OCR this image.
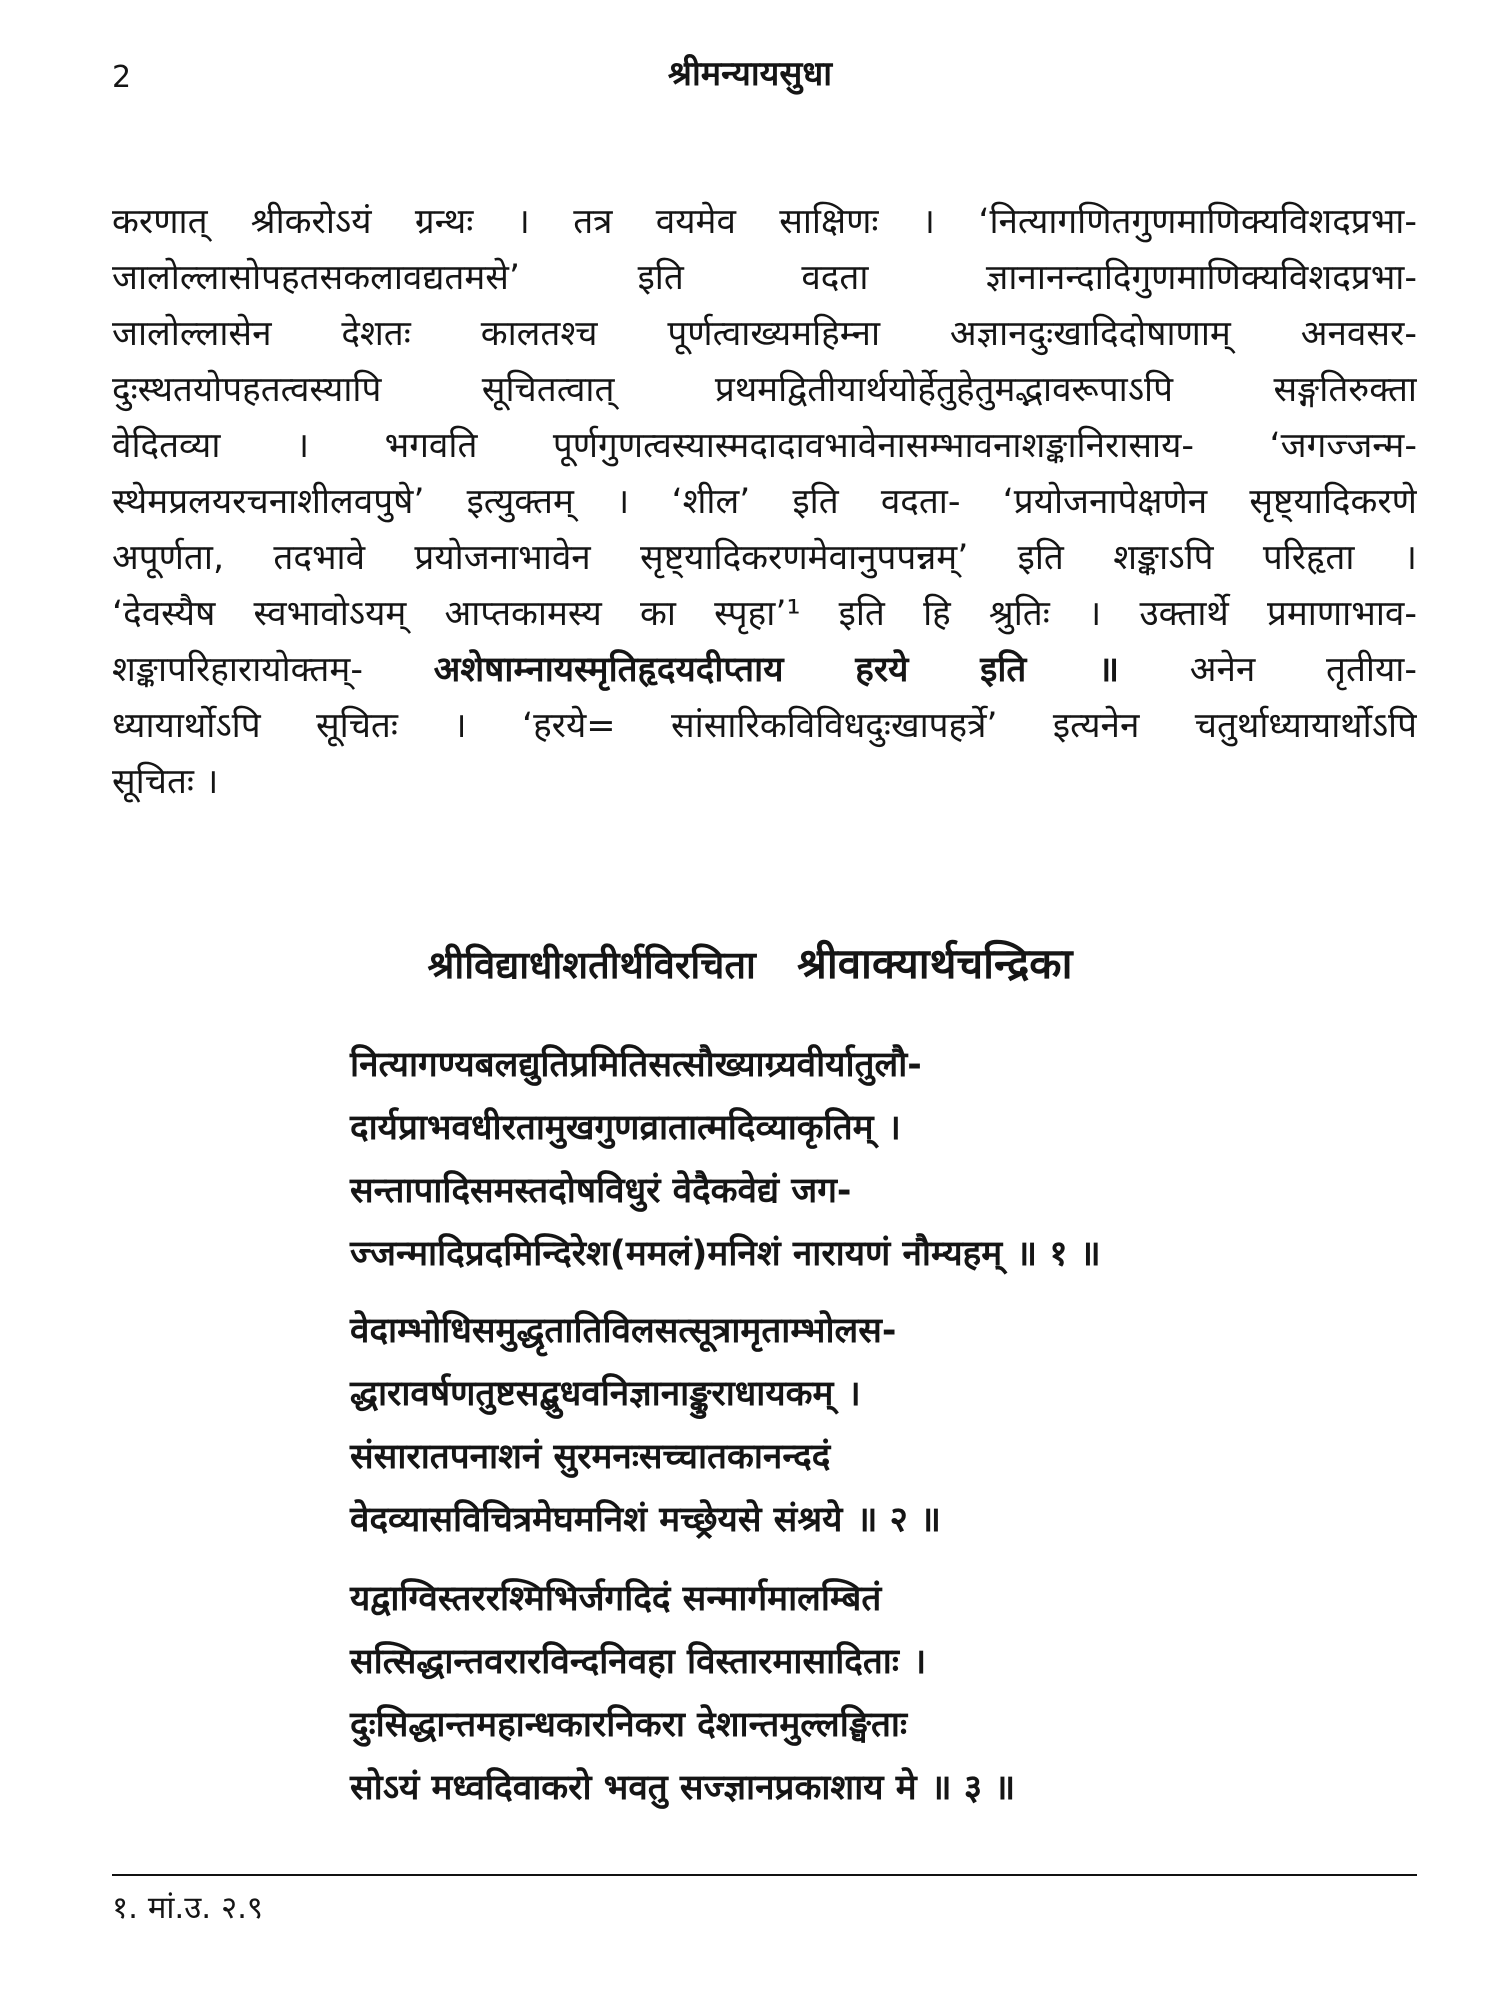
2	श्रीमन्यायसुधा
करणात् श्रीकरोऽयं ग्रन्थः । तत्र वयमेव साक्षिणः । ‘नित्यागणितगुणमाणिक्यविशदप्रभा-
जालोल्लासोपहतसकलावद्यतमसे’ इति वदता ज्ञानानन्दादिगुणमाणिक्यविशदप्रभा-
जालोल्लासेन देशतः कालतश्च पूर्णत्वाख्यमहिम्ना अज्ञानदुःखादिदोषाणाम् अनवसर-
दुःस्थतयोपहतत्वस्यापि सूचितत्वात् प्रथमद्वितीयार्थयोर्हेतुहेतुमद्भावरूपाऽपि सङ्गतिरुक्ता
वेदितव्या । भगवति पूर्णगुणत्वस्यास्मदादावभावेनासम्भावनाशङ्कानिरासाय- ‘जगज्जन्म-
स्थेमप्रलयरचनाशीलवपुषे’ इत्युक्तम् । ‘शील’ इति वदता- ‘प्रयोजनापेक्षणेन सृष्ट्यादिकरणे
अपूर्णता, तदभावे प्रयोजनाभावेन सृष्ट्यादिकरणमेवानुपपन्नम्’ इति शङ्काऽपि परिहृता ।
‘देवस्यैष स्वभावोऽयम् आप्तकामस्य का स्पृहा’¹ इति हि श्रुतिः । उक्तार्थे प्रमाणाभाव-
शङ्कापरिहारायोक्तम्- अशेषाम्नायस्मृतिहृदयदीप्ताय हरये इति ॥ अनेन तृतीया-
ध्यायार्थोऽपि सूचितः । ‘हरये= सांसारिकविविधदुःखापहर्त्रे’ इत्यनेन चतुर्थाध्यायार्थोऽपि
सूचितः ।
श्रीविद्याधीशतीर्थविरचिता श्रीवाक्यार्थचन्द्रिका
नित्यागण्यबलद्युतिप्रमितिसत्सौख्याग्र्यवीर्यातुलौ-
दार्यप्राभवधीरतामुखगुणव्रातात्मदिव्याकृतिम् ।
सन्तापादिसमस्तदोषविधुरं वेदैकवेद्यं जग-
ज्जन्मादिप्रदमिन्दिरेश(ममलं)मनिशं नारायणं नौम्यहम् ॥ १ ॥
वेदाम्भोधिसमुद्धृतातिविलसत्सूत्रामृताम्भोलस-
द्धारावर्षणतुष्टसद्बुधवनिज्ञानाङ्कुराधायकम् ।
संसारातपनाशनं सुरमनःसच्चातकानन्ददं
वेदव्यासविचित्रमेघमनिशं मच्छ्रेयसे संश्रये ॥ २ ॥
यद्वाग्विस्तररश्मिभिर्जगदिदं सन्मार्गमालम्बितं
सत्सिद्धान्तवरारविन्दनिवहा विस्तारमासादिताः ।
दुःसिद्धान्तमहान्धकारनिकरा देशान्तमुल्लङ्घिताः
सोऽयं मध्वदिवाकरो भवतु सज्ज्ञानप्रकाशाय मे ॥ ३ ॥
१. मां.उ. २.९
